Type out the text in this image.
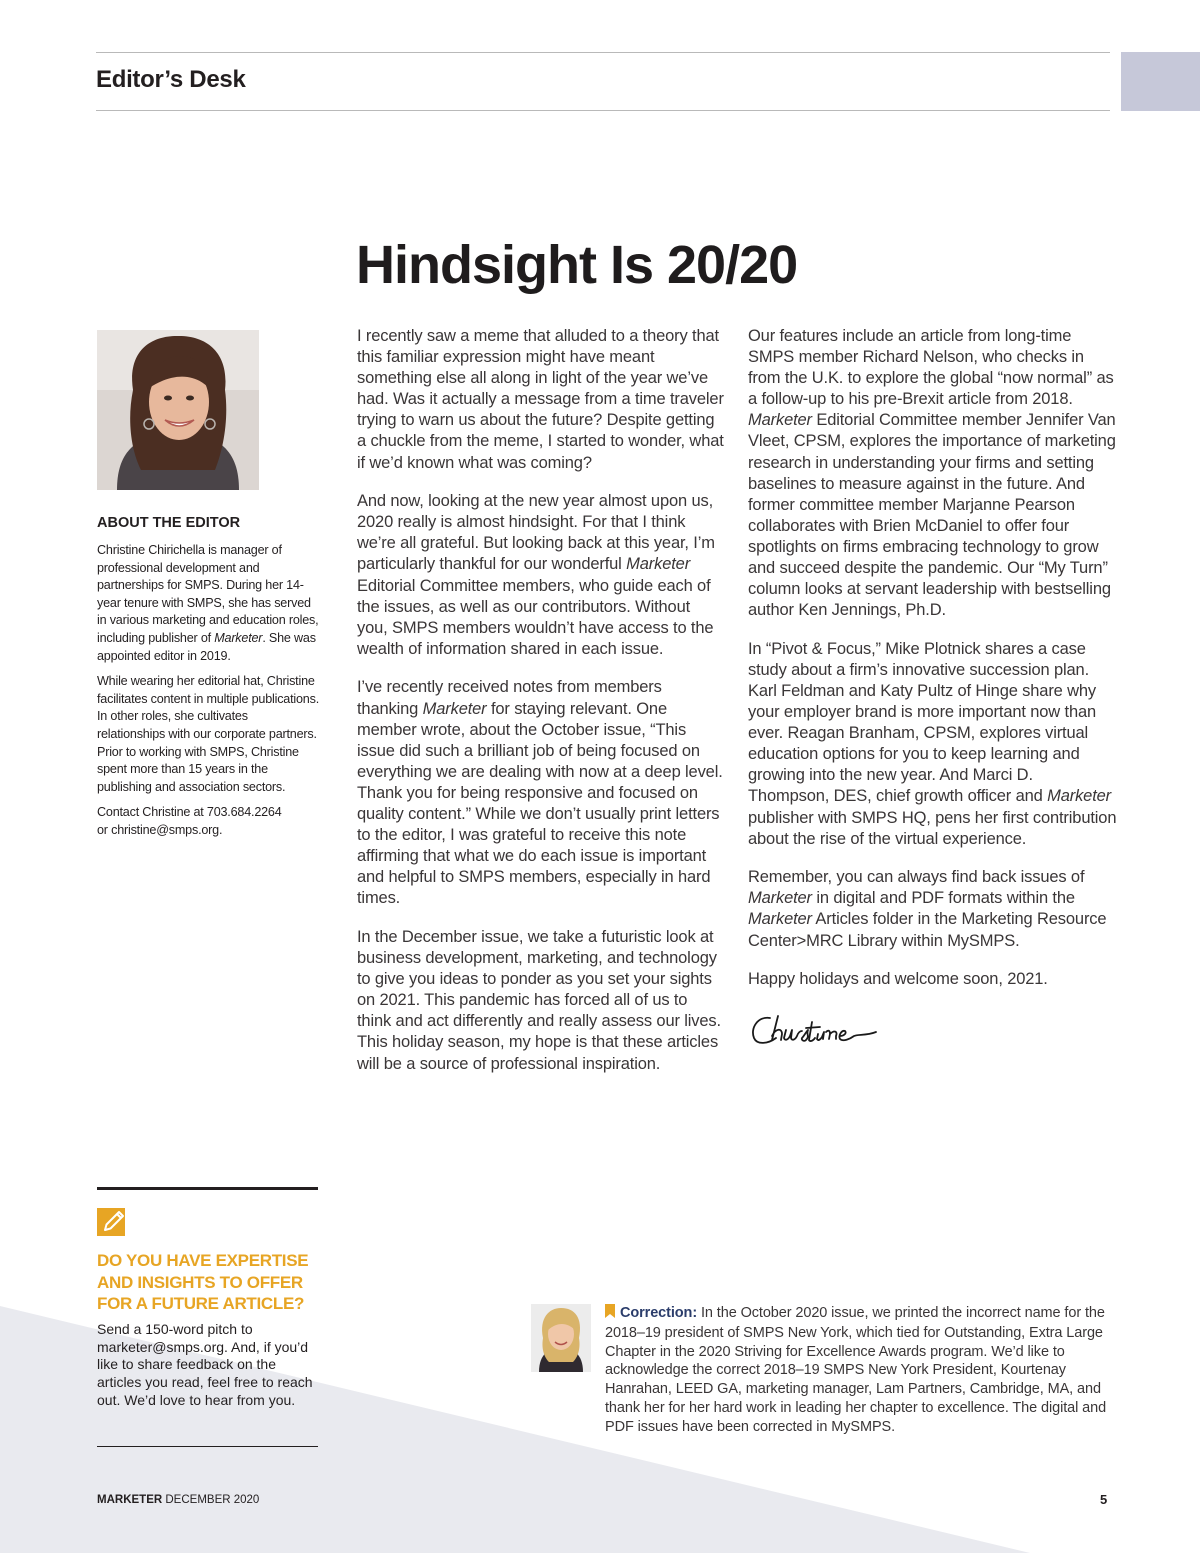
Editor’s Desk
Hindsight Is 20/20
ABOUT THE EDITOR

Christine Chirichella is manager of professional development and partnerships for SMPS. During her 14-year tenure with SMPS, she has served in various marketing and education roles, including publisher of Marketer. She was appointed editor in 2019.

While wearing her editorial hat, Christine facilitates content in multiple publications. In other roles, she cultivates relationships with our corporate partners. Prior to working with SMPS, Christine spent more than 15 years in the publishing and association sectors.

Contact Christine at 703.684.2264
or christine@smps.org.

I recently saw a meme that alluded to a theory that this familiar expression might have meant something else all along in light of the year we’ve had. Was it actually a message from a time traveler trying to warn us about the future? Despite getting a chuckle from the meme, I started to wonder, what if we’d known what was coming?

And now, looking at the new year almost upon us, 2020 really is almost hindsight. For that I think we’re all grateful. But looking back at this year, I’m particularly thankful for our wonderful Marketer Editorial Committee members, who guide each of the issues, as well as our contributors. Without you, SMPS members wouldn’t have access to the wealth of information shared in each issue.

I’ve recently received notes from members thanking Marketer for staying relevant. One member wrote, about the October issue, “This issue did such a brilliant job of being focused on everything we are dealing with now at a deep level. Thank you for being responsive and focused on quality content.” While we don’t usually print letters to the editor, I was grateful to receive this note affirming that what we do each issue is important and helpful to SMPS members, especially in hard times.

In the December issue, we take a futuristic look at business development, marketing, and technology to give you ideas to ponder as you set your sights on 2021. This pandemic has forced all of us to think and act differently and really assess our lives. This holiday season, my hope is that these articles will be a source of professional inspiration.

Our features include an article from long-time SMPS member Richard Nelson, who checks in from the U.K. to explore the global “now normal” as a follow-up to his pre-Brexit article from 2018. Marketer Editorial Committee member Jennifer Van Vleet, CPSM, explores the importance of marketing research in understanding your firms and setting baselines to measure against in the future. And former committee member Marjanne Pearson collaborates with Brien McDaniel to offer four spotlights on firms embracing technology to grow and succeed despite the pandemic. Our “My Turn” column looks at servant leadership with bestselling author Ken Jennings, Ph.D.

In “Pivot & Focus,” Mike Plotnick shares a case study about a firm’s innovative succession plan. Karl Feldman and Katy Pultz of Hinge share why your employer brand is more important now than ever. Reagan Branham, CPSM, explores virtual education options for you to keep learning and growing into the new year. And Marci D. Thompson, DES, chief growth officer and Marketer publisher with SMPS HQ, pens her first contribution about the rise of the virtual experience.

Remember, you can always find back issues of Marketer in digital and PDF formats within the Marketer Articles folder in the Marketing Resource Center>MRC Library within MySMPS.

Happy holidays and welcome soon, 2021.

DO YOU HAVE EXPERTISE AND INSIGHTS TO OFFER FOR A FUTURE ARTICLE?
Send a 150-word pitch to marketer@smps.org. And, if you’d like to share feedback on the articles you read, feel free to reach out. We’d love to hear from you.
Correction: In the October 2020 issue, we printed the incorrect name for the 2018–19 president of SMPS New York, which tied for Outstanding, Extra Large Chapter in the 2020 Striving for Excellence Awards program. We’d like to acknowledge the correct 2018–19 SMPS New York President, Kourtenay Hanrahan, LEED GA, marketing manager, Lam Partners, Cambridge, MA, and thank her for her hard work in leading her chapter to excellence. The digital and PDF issues have been corrected in MySMPS.
MARKETER DECEMBER 2020	5
